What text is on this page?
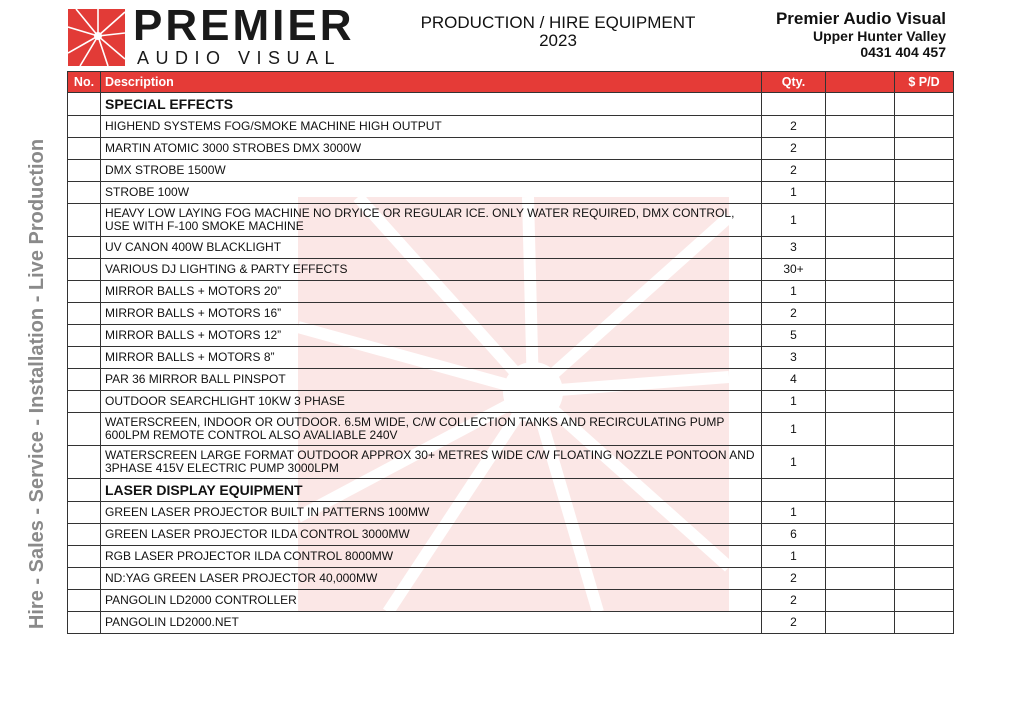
PREMIER
AUDIO VISUAL
PRODUCTION / HIRE EQUIPMENT
2023
Premier Audio Visual
Upper Hunter Valley
0431 404 457
Hire - Sales - Service - Installation - Live Production
No.	Description	Qty.		$ P/D
	SPECIAL EFFECTS			
	HIGHEND SYSTEMS FOG/SMOKE MACHINE HIGH OUTPUT	2		
	MARTIN ATOMIC 3000 STROBES DMX 3000W	2		
	DMX STROBE 1500W	2		
	STROBE 100W	1		
	HEAVY LOW LAYING FOG MACHINE NO DRYICE OR REGULAR ICE. ONLY WATER REQUIRED, DMX CONTROL, USE WITH F-100 SMOKE MACHINE	1		
	UV CANON 400W BLACKLIGHT	3		
	VARIOUS DJ LIGHTING & PARTY EFFECTS	30+		
	MIRROR BALLS + MOTORS 20”	1		
	MIRROR BALLS + MOTORS 16”	2		
	MIRROR BALLS + MOTORS 12”	5		
	MIRROR BALLS + MOTORS 8”	3		
	PAR 36 MIRROR BALL PINSPOT	4		
	OUTDOOR SEARCHLIGHT 10KW 3 PHASE	1		
	WATERSCREEN, INDOOR OR OUTDOOR. 6.5M WIDE, C/W COLLECTION TANKS AND RECIRCULATING PUMP 600LPM REMOTE CONTROL ALSO AVALIABLE 240V	1		
	WATERSCREEN LARGE FORMAT OUTDOOR APPROX 30+ METRES WIDE C/W FLOATING NOZZLE PONTOON AND 3PHASE 415V ELECTRIC PUMP 3000LPM	1		
	LASER DISPLAY EQUIPMENT			
	GREEN LASER PROJECTOR BUILT IN PATTERNS 100MW	1		
	GREEN LASER PROJECTOR ILDA CONTROL 3000MW	6		
	RGB LASER PROJECTOR ILDA CONTROL 8000MW	1		
	ND:YAG GREEN LASER PROJECTOR 40,000MW	2		
	PANGOLIN LD2000 CONTROLLER	2		
	PANGOLIN LD2000.NET	2		
